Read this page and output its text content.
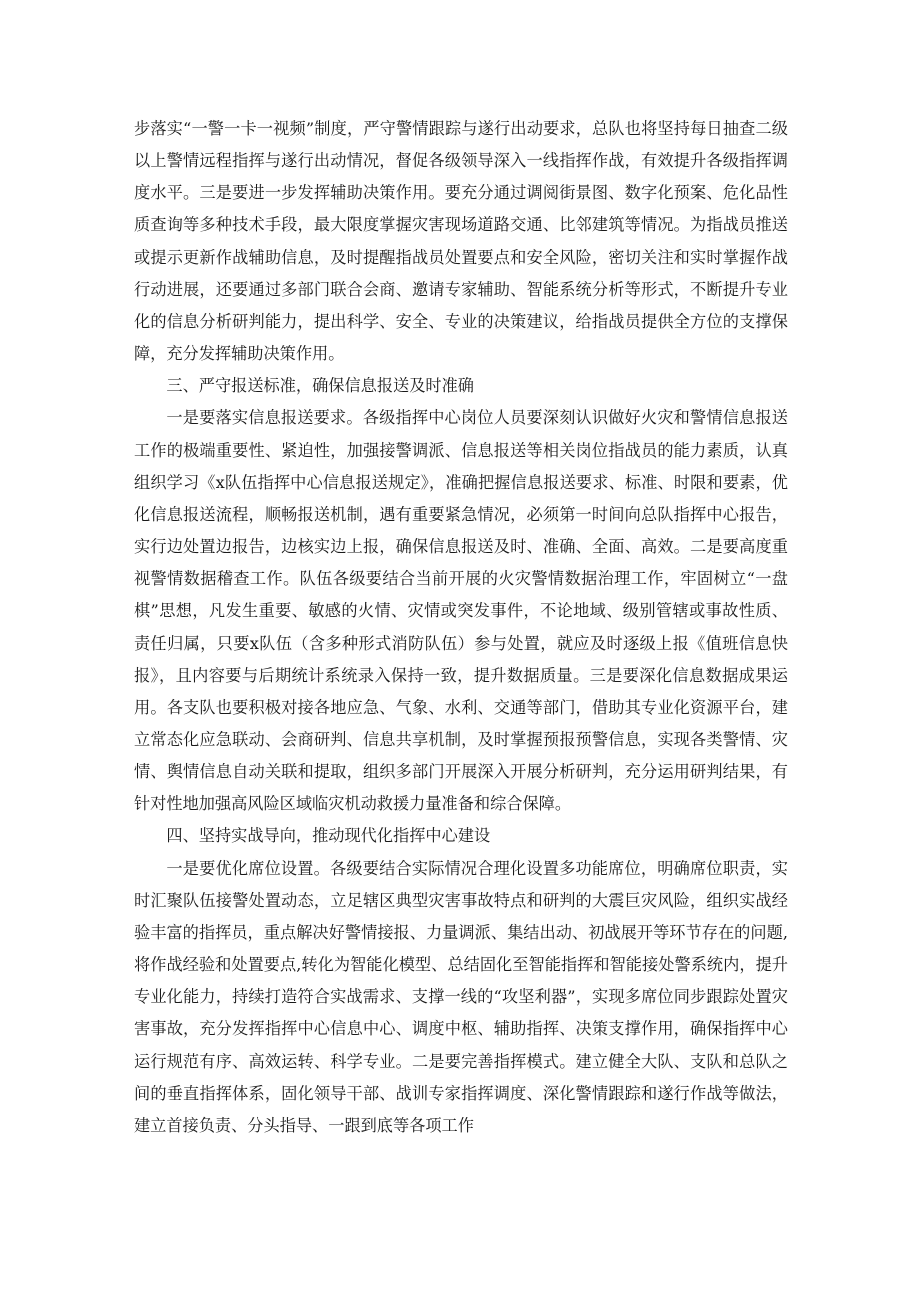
步落实“一警一卡一视频”制度，严守警情跟踪与遂行出动要求，总队也将坚持每日抽查二级以上警情远程指挥与遂行出动情况，督促各级领导深入一线指挥作战，有效提升各级指挥调度水平。三是要进一步发挥辅助决策作用。要充分通过调阅街景图、数字化预案、危化品性质查询等多种技术手段，最大限度掌握灾害现场道路交通、比邻建筑等情况。为指战员推送或提示更新作战辅助信息，及时提醒指战员处置要点和安全风险，密切关注和实时掌握作战行动进展，还要通过多部门联合会商、邀请专家辅助、智能系统分析等形式，不断提升专业化的信息分析研判能力，提出科学、安全、专业的决策建议，给指战员提供全方位的支撑保障，充分发挥辅助决策作用。

三、严守报送标准，确保信息报送及时准确

一是要落实信息报送要求。各级指挥中心岗位人员要深刻认识做好火灾和警情信息报送工作的极端重要性、紧迫性，加强接警调派、信息报送等相关岗位指战员的能力素质，认真组织学习《x队伍指挥中心信息报送规定》，准确把握信息报送要求、标准、时限和要素，优化信息报送流程，顺畅报送机制，遇有重要紧急情况，必须第一时间向总队指挥中心报告，实行边处置边报告，边核实边上报，确保信息报送及时、准确、全面、高效。二是要高度重视警情数据稽查工作。队伍各级要结合当前开展的火灾警情数据治理工作，牢固树立“一盘棋”思想，凡发生重要、敏感的火情、灾情或突发事件，不论地域、级别管辖或事故性质、责任归属，只要x队伍（含多种形式消防队伍）参与处置，就应及时逐级上报《值班信息快报》，且内容要与后期统计系统录入保持一致，提升数据质量。三是要深化信息数据成果运用。各支队也要积极对接各地应急、气象、水利、交通等部门，借助其专业化资源平台，建立常态化应急联动、会商研判、信息共享机制，及时掌握预报预警信息，实现各类警情、灾情、舆情信息自动关联和提取，组织多部门开展深入开展分析研判，充分运用研判结果，有针对性地加强高风险区域临灾机动救援力量准备和综合保障。

四、坚持实战导向，推动现代化指挥中心建设

一是要优化席位设置。各级要结合实际情况合理化设置多功能席位，明确席位职责，实时汇聚队伍接警处置动态，立足辖区典型灾害事故特点和研判的大震巨灾风险，组织实战经验丰富的指挥员，重点解决好警情接报、力量调派、集结出动、初战展开等环节存在的问题,将作战经验和处置要点,转化为智能化模型、总结固化至智能指挥和智能接处警系统内，提升专业化能力，持续打造符合实战需求、支撑一线的“攻坚利器”，实现多席位同步跟踪处置灾害事故，充分发挥指挥中心信息中心、调度中枢、辅助指挥、决策支撑作用，确保指挥中心运行规范有序、高效运转、科学专业。二是要完善指挥模式。建立健全大队、支队和总队之间的垂直指挥体系，固化领导干部、战训专家指挥调度、深化警情跟踪和遂行作战等做法，建立首接负责、分头指导、一跟到底等各项工作
